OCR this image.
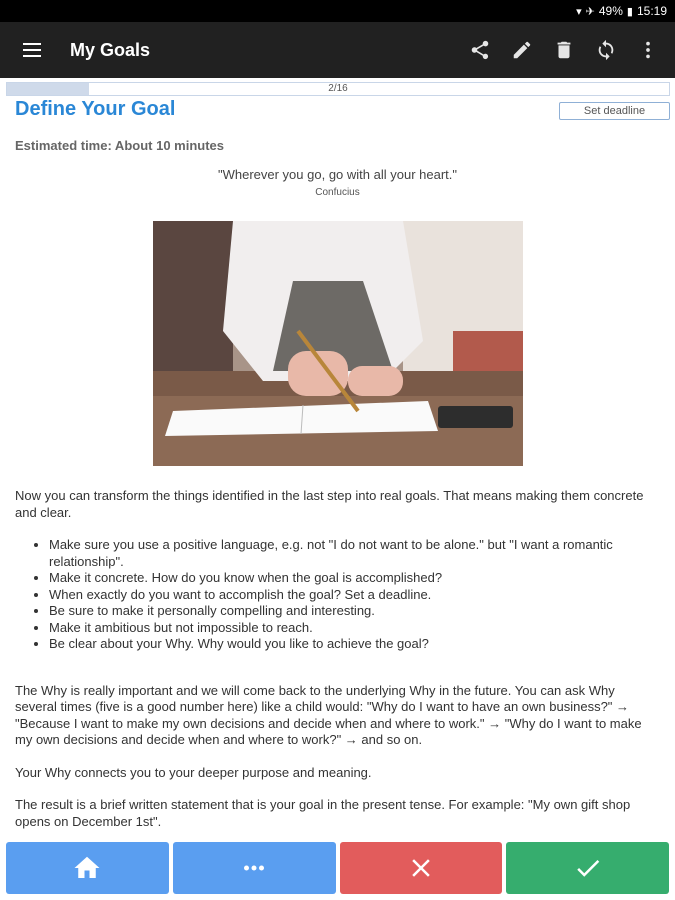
▾ ✈ 49% ▮ 15:19
My Goals
2/16
Define Your Goal	Set deadline
Estimated time: About 10 minutes
"Wherever you go, go with all your heart."
Confucius

Now you can transform the things identified in the last step into real goals. That means making them concrete and clear.

• Make sure you use a positive language, e.g. not "I do not want to be alone." but "I want a romantic relationship".
• Make it concrete. How do you know when the goal is accomplished?
• When exactly do you want to accomplish the goal? Set a deadline.
• Be sure to make it personally compelling and interesting.
• Make it ambitious but not impossible to reach.
• Be clear about your Why. Why would you like to achieve the goal?

The Why is really important and we will come back to the underlying Why in the future. You can ask Why several times (five is a good number here) like a child would: "Why do I want to have an own business?" → "Because I want to make my own decisions and decide when and where to work." → "Why do I want to make my own decisions and decide when and where to work?" → and so on.

Your Why connects you to your deeper purpose and meaning.

The result is a brief written statement that is your goal in the present tense. For example: "My own gift shop opens on December 1st".
